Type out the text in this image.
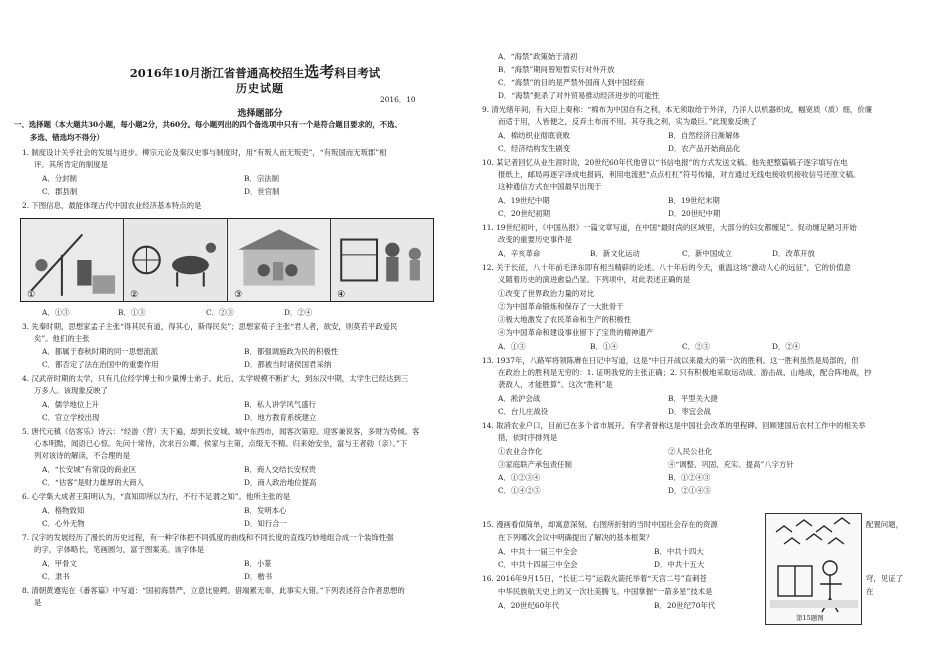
2016年10月浙江省普通高校招生选考科目考试
历史试题
2016．10
选择题部分
一、选择题（本大题共30小题，每小题2分，共60分。每小题列出的四个备选项中只有一个是符合题目要求的，不选、
多选、错选均不得分）
1. 制度设计关乎社会的发展与进步。柳宗元论及秦汉史事与制度时，用“有叛人而无叛吏”，“有叛国而无叛郡”相
评。其所肯定的制度是
A．分封制	B．宗法制
C．郡县制	D．世官制
2. 下图信息，最能体现古代中国农业经济基本特点的是
A．①③	B．①③	C．②③	D．②④
3. 先秦时期，思想家孟子主张“得其民有道，得其心，斯得民矣”；思想家荀子主张“君人者，欲安，则莫若平政爱民
矣”。他们的主张
A．都属于春秋时期的同一思想流派	B．都强调施政为民的积极性
C．都否定了法在治国中的重要作用	D．都被当时诸侯国君采纳
4. 汉武帝时期的太学，只有几位经学博士和少量博士弟子。此后，太学规模不断扩大，到东汉中期，太学生已经达到三
万多人。该现象反映了
A．儒学地位上升	B．私人讲学风气盛行
C．官立学校出现	D．地方教育系统建立
5. 唐代元稹《估客乐》诗云：“经游（营）天下遍，却到长安城。城中东西市，闻客次第迎。迎客兼说客，多财为势倾。客
心本明黠，闻语已心惊。先问十常侍，次求百公卿。侯家与主第，点缀无不精。归来始安坐，富与王者勍（亲）。”下
列对该诗的解读，不合理的是
A．“长安城”有常设的商业区	B．商人交结长安权贵
C．“估客”是财力雄厚的大商人	D．商人政治地位提高
6. 心学集大成者王阳明认为，“真知即所以为行，不行不足谓之知”。他所主张的是
A．格物致知	B．发明本心
C．心外无物	D．知行合一
7. 汉字的发展经历了漫长的历史过程，有一种字体把不同弧度的曲线和不同长度的直线巧妙地组合成一个装饰性强
的字，字体略长，笔画圆匀，富于图案美。该字体是
A．甲骨文	B．小篆
C．隶书	D．楷书
8. 清朝黄遵宪在《番客篇》中写道：“国初海禁严，立意比驱鳄。借端累无辜，此事实大错。”下列表述符合作者思想的
是
A．“海禁”政策始于清初
B．“海禁”期间曾短暂实行对外开放
C．“海禁”的目的是严禁外国商人到中国经商
D．“海禁”扼杀了对外贸易推动经济进步的可能性
9. 清光绪年间，有大臣上奏称：“棉布为中国自有之利，本无须取给于外洋，乃洋人以机器织成，幅宽质（质）细，价廉
而适于用，人皆便之，反弃土布而不用。其夺我之利，实为最巨。”此现象反映了
A．棉纺织业彻底衰败	B．自然经济日渐解体
C．经济结构发生剧变	D．农产品开始商品化
10. 某记者回忆从业生涯时说，20世纪60年代他曾以“书信电报”的方式发送文稿。他先把整篇稿子逐字填写在电
报纸上，邮局再逐字译成电报码，利用电流把“点点杠杠”符号传输，对方通过无线电接收机接收信号还原文稿。
这种通信方式在中国最早出现于
A．19世纪中期	B．19世纪末期
C．20世纪初期	D．20世纪中期
11. 19世纪初叶，《中国丛报》一篇文章写道，在中国“最时尚的区域里，大部分的妇女都缠足”。促动缠足陋习开始
改变的重要历史事件是
A．辛亥革命	B．新文化运动	C．新中国成立	D．改革开放
12. 关于长征，八十年前毛泽东即有相当精辟的论述。八十年后的今天，重温这场“激动人心的远征”，它的价值意
义随着历史的演进愈益凸显。下列项中，对此表述正确的是
①改变了世界政治力量的对比
②为中国革命锻炼和保存了一大批骨干
③极大地激发了农民革命和生产的积极性
④为中国革命和建设事业留下了宝贵的精神遗产
A．①③	B．①④	C．②③	D．②④
13. 1937年，八路军将领陈赓在日记中写道，这是“中日开战以来最大的第一次的胜利。这一胜利虽然是局部的，但
在政治上的胜利是无穷的：1. 证明我党的主张正确；2. 只有积极地采取运动战、游击战、山地战，配合阵地战，抄
袭敌人，才能胜算”。这次“胜利”是
A．淞沪会战	B．平型关大捷
C．台儿庄战役	D．枣宜会战
14. 取消农业户口，目前已在多个省市展开。有学者誉称这是中国社会改革的里程碑。回顾建国后农村工作中的相关举
措，依时序排列是
①农业合作化	②人民公社化
③家庭联产承包责任制	④“调整、巩固、充实、提高”八字方针
A．①②③④	B．①②④③
C．①④②③	D．②①④③
15. 漫画看似简单，却寓意深刻。右图所折射的当时中国社会存在的资源	配置问题，
在下列哪次会议中明确提出了解决的基本框架？
A．中共十一届三中全会	B．中共十四大
C．中共十四届三中全会	D．中共十五大
16. 2016年9月15日，“长征二号”运载火箭托举着“天宫二号”直刺苍	穹，见证了
中华民族航天史上的又一次壮美腾飞。中国掌握“一箭多星”技术是	在
A．20世纪60年代	B．20世纪70年代
①	②	③	④
第15题图
